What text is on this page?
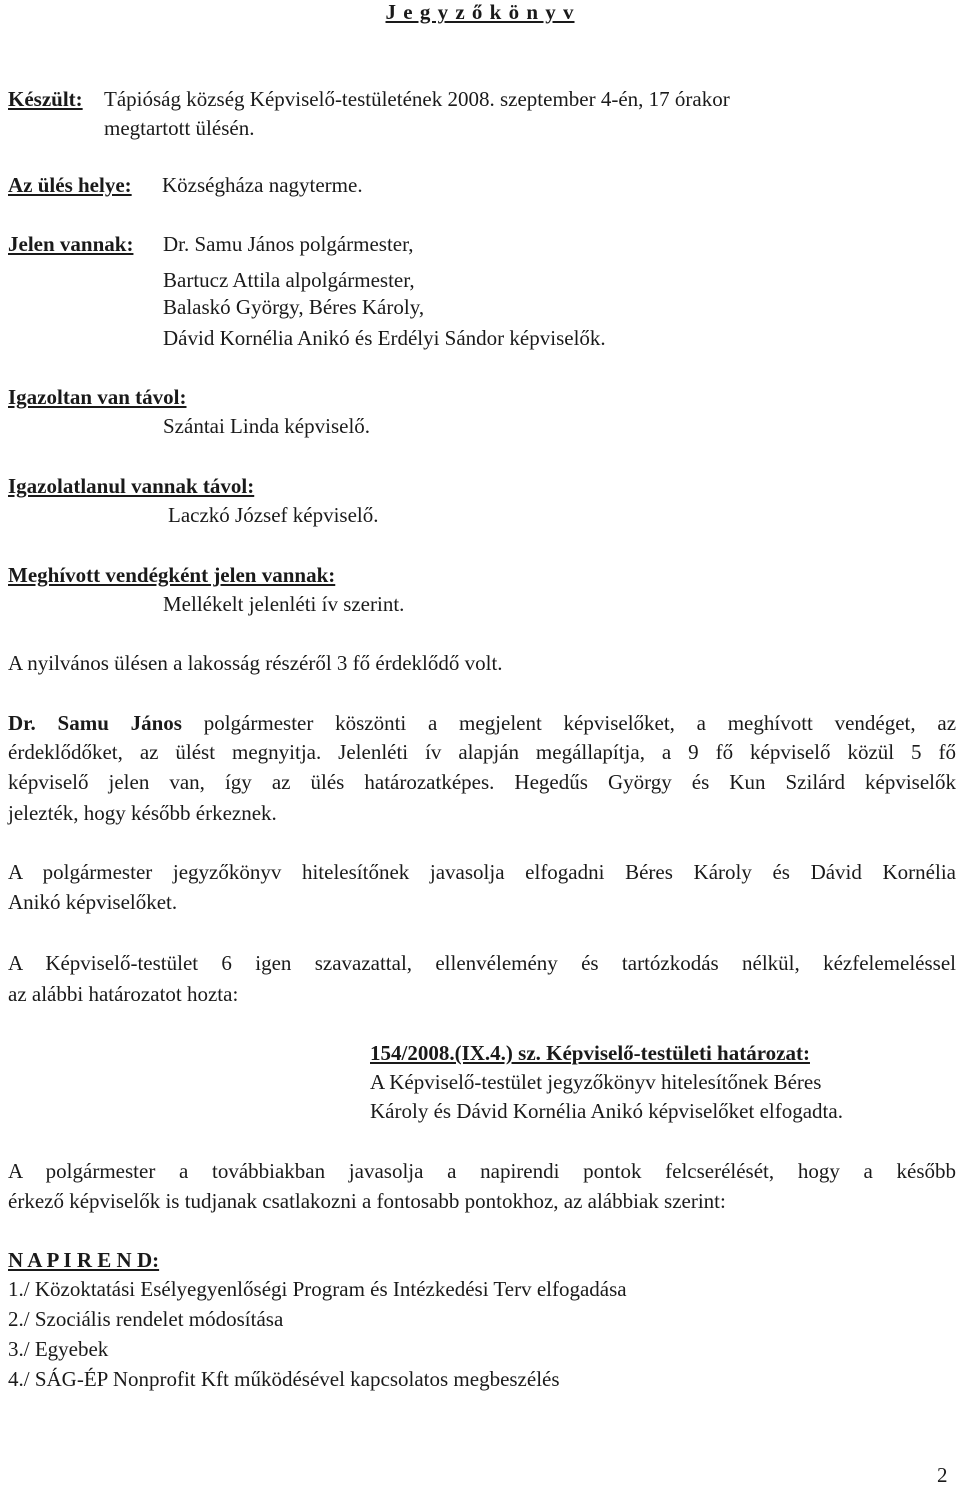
J e g y z ő k ö n y v

Készült: Tápióság község Képviselő-testületének 2008. szeptember 4-én, 17 órakor

megtartott ülésén.

Az ülés helye: Községháza nagyterme.

Jelen vannak: Dr. Samu János polgármester,

Bartucz Attila alpolgármester,

Balaskó György, Béres Károly,

Dávid Kornélia Anikó és Erdélyi Sándor képviselők.

Igazoltan van távol:

Szántai Linda képviselő.

Igazolatlanul vannak távol:

Laczkó József képviselő.

Meghívott vendégként jelen vannak:

Mellékelt jelenléti ív szerint.

A nyilvános ülésen a lakosság részéről 3 fő érdeklődő volt.

Dr. Samu János polgármester köszönti a megjelent képviselőket, a meghívott vendéget, az

érdeklődőket, az ülést megnyitja. Jelenléti ív alapján megállapítja, a 9 fő képviselő közül 5 fő

képviselő jelen van, így az ülés határozatképes. Hegedűs György és Kun Szilárd képviselők

jelezték, hogy később érkeznek.

A polgármester jegyzőkönyv hitelesítőnek javasolja elfogadni Béres Károly és Dávid Kornélia

Anikó képviselőket.

A Képviselő-testület 6 igen szavazattal, ellenvélemény és tartózkodás nélkül, kézfelemeléssel

az alábbi határozatot hozta:

154/2008.(IX.4.) sz. Képviselő-testületi határozat:

A Képviselő-testület jegyzőkönyv hitelesítőnek Béres

Károly és Dávid Kornélia Anikó képviselőket elfogadta.

A polgármester a továbbiakban javasolja a napirendi pontok felcserélését, hogy a később

érkező képviselők is tudjanak csatlakozni a fontosabb pontokhoz, az alábbiak szerint:

N A P I R E N D:

1./ Közoktatási Esélyegyenlőségi Program és Intézkedési Terv elfogadása

2./ Szociális rendelet módosítása

3./ Egyebek

4./ SÁG-ÉP Nonprofit Kft működésével kapcsolatos megbeszélés

2
